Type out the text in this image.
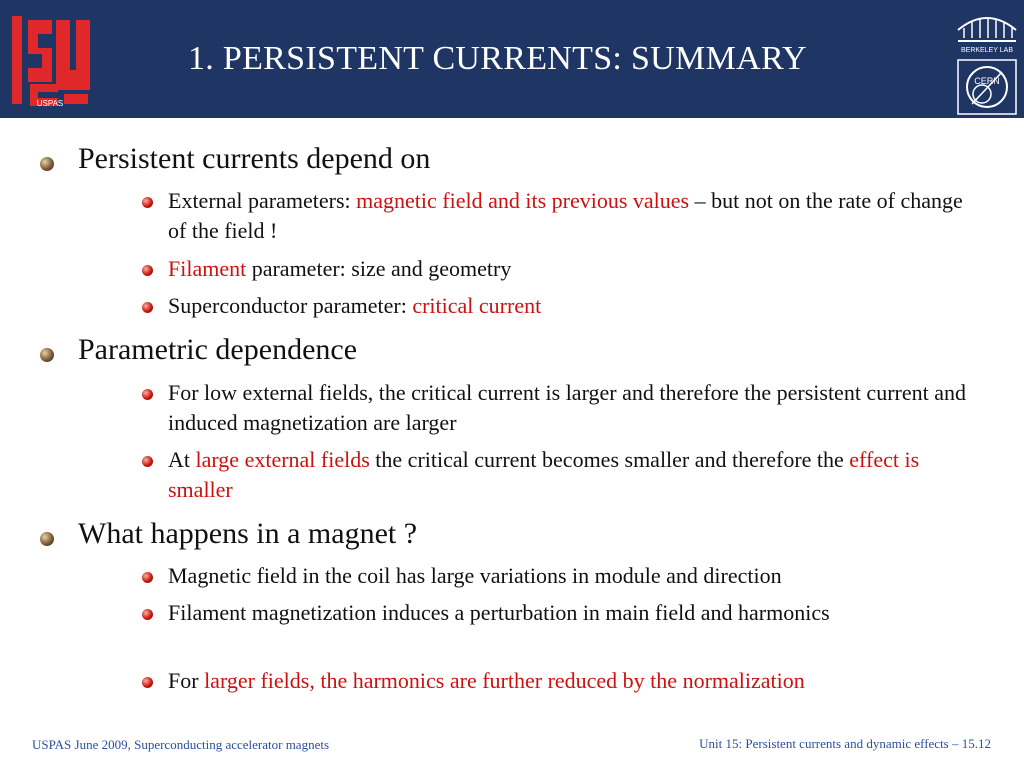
USPAS
1. PERSISTENT CURRENTS: SUMMARY	BERKELEY LAB
CERN
Persistent currents depend on
External parameters: magnetic field and its previous values – but not on the rate of change of the field !
Filament parameter: size and geometry
Superconductor parameter: critical current
Parametric dependence
For low external fields, the critical current is larger and therefore the persistent current and induced magnetization are larger
At large external fields the critical current becomes smaller and therefore the effect is smaller
What happens in a magnet ?
Magnetic field in the coil has large variations in module and direction
Filament magnetization induces a perturbation in main field and harmonics
For larger fields, the harmonics are further reduced by the normalization
USPAS June 2009, Superconducting accelerator magnets	Unit 15: Persistent currents and dynamic effects – 15.12
